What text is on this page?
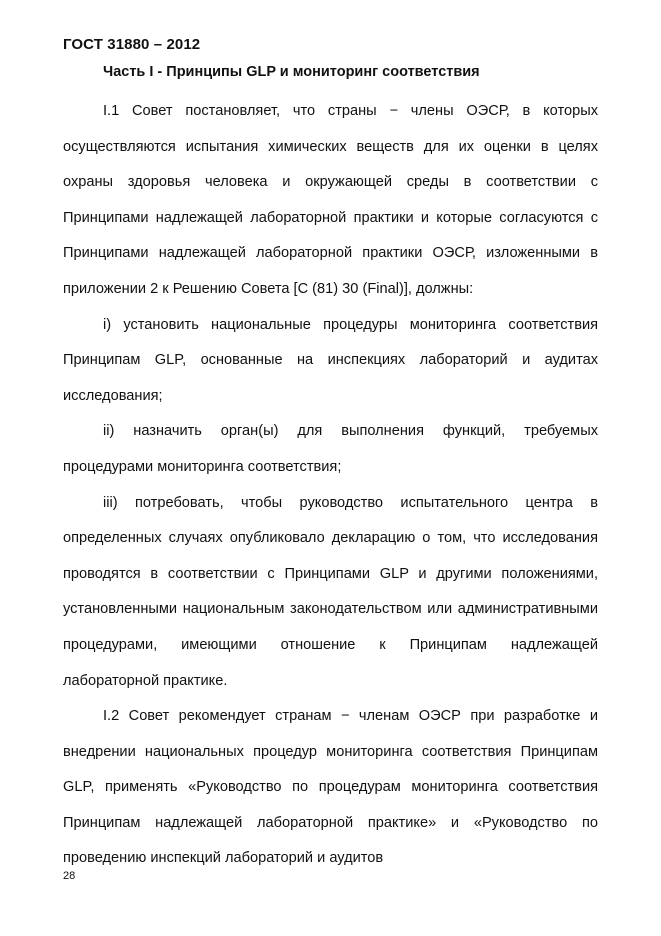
ГОСТ 31880 – 2012
Часть I - Принципы GLP и мониторинг соответствия

I.1 Совет постановляет, что страны − члены ОЭСР, в которых осуществляются испытания химических веществ для их оценки в целях охраны здоровья человека и окружающей среды в соответствии с Принципами надлежащей лабораторной практики и которые согласуются с Принципами надлежащей лабораторной практики ОЭСР, изложенными в приложении 2 к Решению Совета [C (81) 30 (Final)], должны:

i) установить национальные процедуры мониторинга соответствия Принципам GLP, основанные на инспекциях лабораторий и аудитах исследования;

ii) назначить орган(ы) для выполнения функций, требуемых процедурами мониторинга соответствия;

iii) потребовать, чтобы руководство испытательного центра в определенных случаях опубликовало декларацию о том, что исследования проводятся в соответствии с Принципами GLP и другими положениями, установленными национальным законодательством или административными процедурами, имеющими отношение к Принципам надлежащей лабораторной практике.

I.2 Совет рекомендует странам − членам ОЭСР при разработке и внедрении национальных процедур мониторинга соответствия Принципам GLP, применять «Руководство по процедурам мониторинга соответствия Принципам надлежащей лабораторной практике» и «Руководство по проведению инспекций лабораторий и аудитов

28
